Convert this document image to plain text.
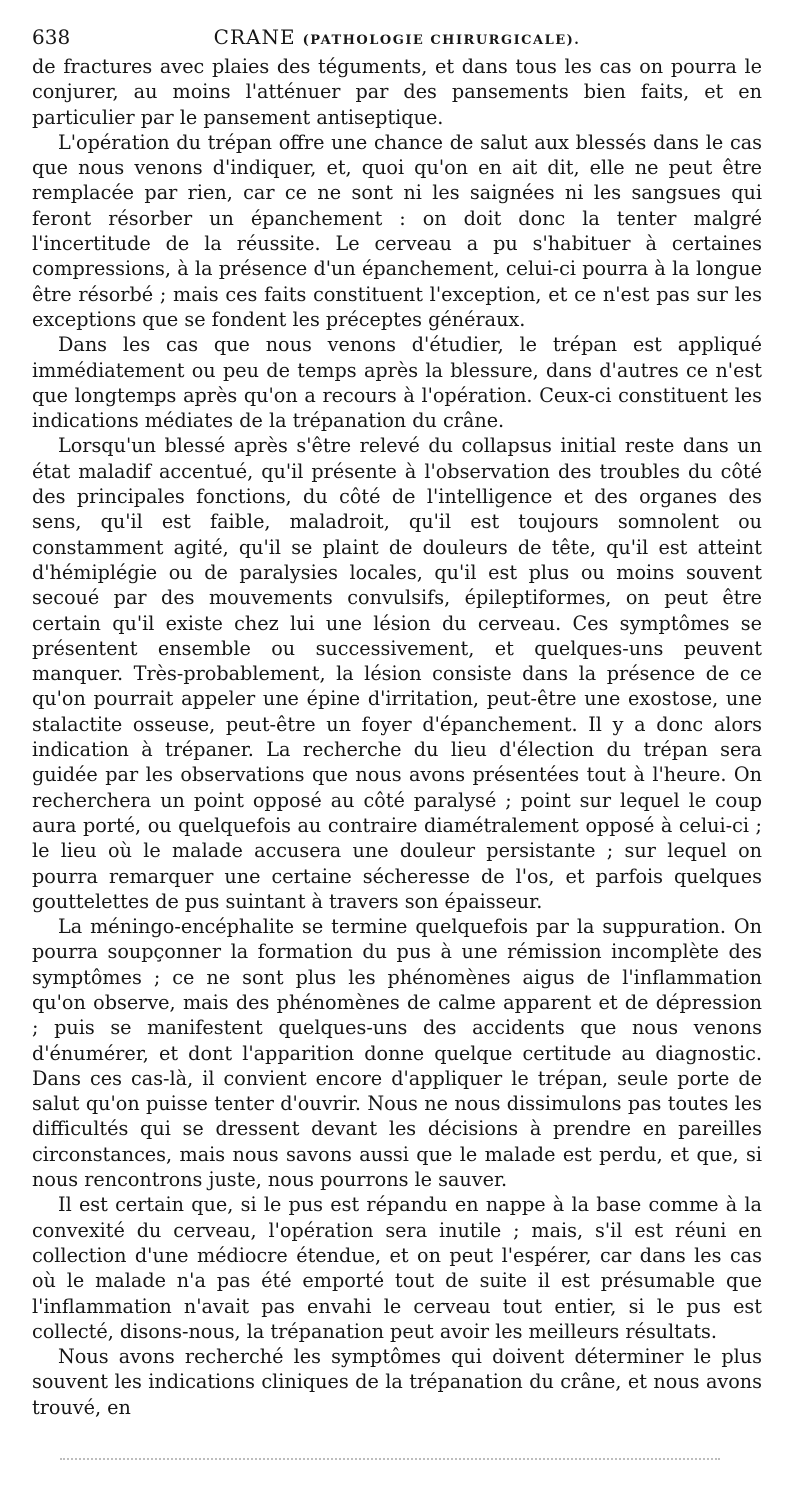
638	CRANE (PATHOLOGIE CHIRURGICALE).

de fractures avec plaies des téguments, et dans tous les cas on pourra le conjurer, au moins l'atténuer par des pansements bien faits, et en particulier par le pansement antiseptique.

L'opération du trépan offre une chance de salut aux blessés dans le cas que nous venons d'indiquer, et, quoi qu'on en ait dit, elle ne peut être remplacée par rien, car ce ne sont ni les saignées ni les sangsues qui feront résorber un épanchement : on doit donc la tenter malgré l'incertitude de la réussite. Le cerveau a pu s'habituer à certaines compressions, à la présence d'un épanchement, celui-ci pourra à la longue être résorbé ; mais ces faits constituent l'exception, et ce n'est pas sur les exceptions que se fondent les préceptes généraux.

Dans les cas que nous venons d'étudier, le trépan est appliqué immédiatement ou peu de temps après la blessure, dans d'autres ce n'est que longtemps après qu'on a recours à l'opération. Ceux-ci constituent les indications médiates de la trépanation du crâne.

Lorsqu'un blessé après s'être relevé du collapsus initial reste dans un état maladif accentué, qu'il présente à l'observation des troubles du côté des principales fonctions, du côté de l'intelligence et des organes des sens, qu'il est faible, maladroit, qu'il est toujours somnolent ou constamment agité, qu'il se plaint de douleurs de tête, qu'il est atteint d'hémiplégie ou de paralysies locales, qu'il est plus ou moins souvent secoué par des mouvements convulsifs, épileptiformes, on peut être certain qu'il existe chez lui une lésion du cerveau. Ces symptômes se présentent ensemble ou successivement, et quelques-uns peuvent manquer. Très-probablement, la lésion consiste dans la présence de ce qu'on pourrait appeler une épine d'irritation, peut-être une exostose, une stalactite osseuse, peut-être un foyer d'épanchement. Il y a donc alors indication à trépaner. La recherche du lieu d'élection du trépan sera guidée par les observations que nous avons présentées tout à l'heure. On recherchera un point opposé au côté paralysé ; point sur lequel le coup aura porté, ou quelquefois au contraire diamétralement opposé à celui-ci ; le lieu où le malade accusera une douleur persistante ; sur lequel on pourra remarquer une certaine sécheresse de l'os, et parfois quelques gouttelettes de pus suintant à travers son épaisseur.

La méningo-encéphalite se termine quelquefois par la suppuration. On pourra soupçonner la formation du pus à une rémission incomplète des symptômes ; ce ne sont plus les phénomènes aigus de l'inflammation qu'on observe, mais des phénomènes de calme apparent et de dépression ; puis se manifestent quelques-uns des accidents que nous venons d'énumérer, et dont l'apparition donne quelque certitude au diagnostic. Dans ces cas-là, il convient encore d'appliquer le trépan, seule porte de salut qu'on puisse tenter d'ouvrir. Nous ne nous dissimulons pas toutes les difficultés qui se dressent devant les décisions à prendre en pareilles circonstances, mais nous savons aussi que le malade est perdu, et que, si nous rencontrons juste, nous pourrons le sauver.

Il est certain que, si le pus est répandu en nappe à la base comme à la convexité du cerveau, l'opération sera inutile ; mais, s'il est réuni en collection d'une médiocre étendue, et on peut l'espérer, car dans les cas où le malade n'a pas été emporté tout de suite il est présumable que l'inflammation n'avait pas envahi le cerveau tout entier, si le pus est collecté, disons-nous, la trépanation peut avoir les meilleurs résultats.

Nous avons recherché les symptômes qui doivent déterminer le plus souvent les indications cliniques de la trépanation du crâne, et nous avons trouvé, en
